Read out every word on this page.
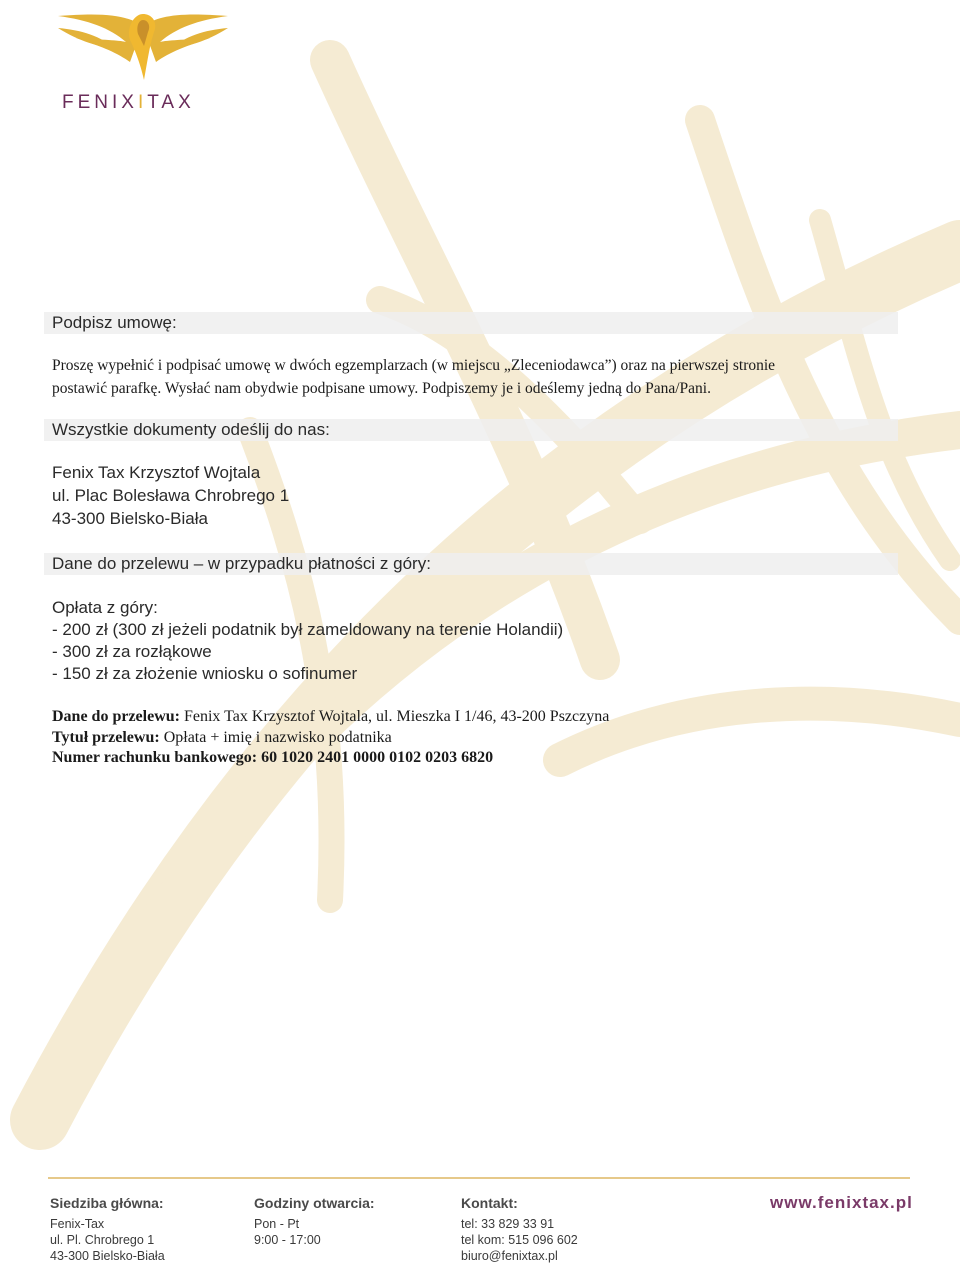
FENIXITAX
Podpisz umowę:
Proszę wypełnić i podpisać umowę w dwóch egzemplarzach (w miejscu „Zleceniodawca”) oraz na pierwszej stronie
postawić parafkę. Wysłać nam obydwie podpisane umowy. Podpiszemy je i odeślemy jedną do Pana/Pani.
Wszystkie dokumenty odeślij do nas:
Fenix Tax Krzysztof Wojtala
ul. Plac Bolesława Chrobrego 1
43-300 Bielsko-Biała
Dane do przelewu – w przypadku płatności z góry:
Opłata z góry:
- 200 zł (300 zł jeżeli podatnik był zameldowany na terenie Holandii)
- 300 zł za rozłąkowe
- 150 zł za złożenie wniosku o sofinumer
Dane do przelewu: Fenix Tax Krzysztof Wojtala, ul. Mieszka I 1/46, 43-200 Pszczyna
Tytuł przelewu: Opłata + imię i nazwisko podatnika
Numer rachunku bankowego: 60 1020 2401 0000 0102 0203 6820
Siedziba główna:
Fenix-Tax
ul. Pl. Chrobrego 1
43-300 Bielsko-Biała
Godziny otwarcia:
Pon - Pt
9:00 - 17:00
Kontakt:
tel: 33 829 33 91
tel kom: 515 096 602
biuro@fenixtax.pl
www.fenixtax.pl
